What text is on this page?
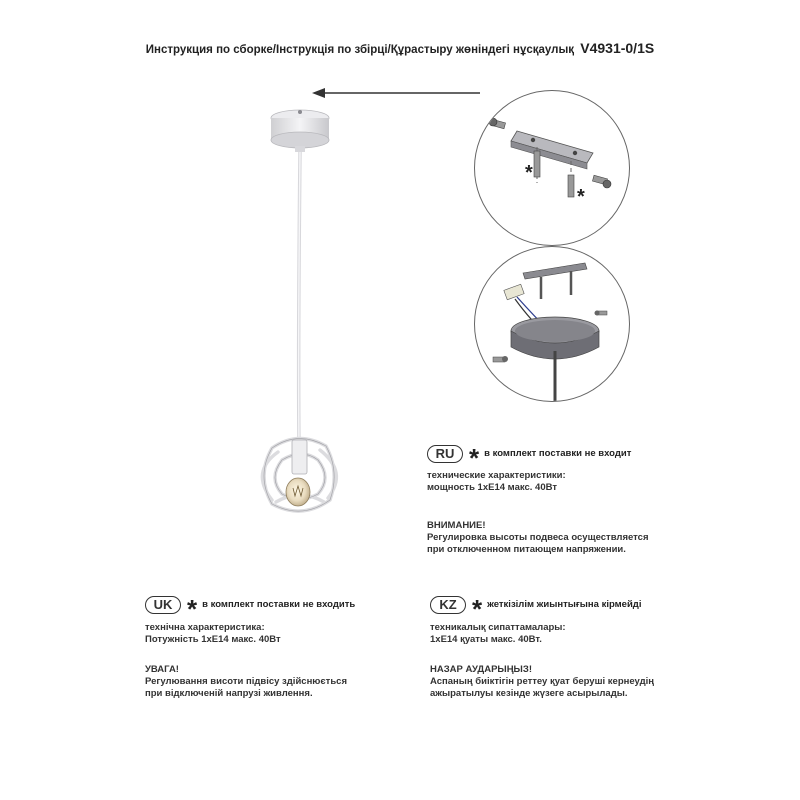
Инструкция по сборке/Інструкція по збірці/Құрастыру жөніндегі нұсқаулық V4931-0/1S
*
*
RU * в комплект поставки не входит
технические характеристики:
мощность 1xE14 макс. 40Вт
ВНИМАНИЕ!
Регулировка высоты подвеса осуществляется
при отключенном питающем напряжении.
UK * в комплект поставки не входить
технічна характеристика:
Потужність 1xE14 макс. 40Вт
УВАГА!
Регулювання висоти підвісу здійснюється
при відключеній напрузі живлення.
KZ * жеткізілім жиынтығына кірмейді
техникалық сипаттамалары:
1xE14 қуаты макс. 40Вт.
НАЗАР АУДАРЫҢЫЗ!
Аспаның биіктігін реттеу қуат беруші кернеудің
ажыратылуы кезінде жүзеге асырылады.
